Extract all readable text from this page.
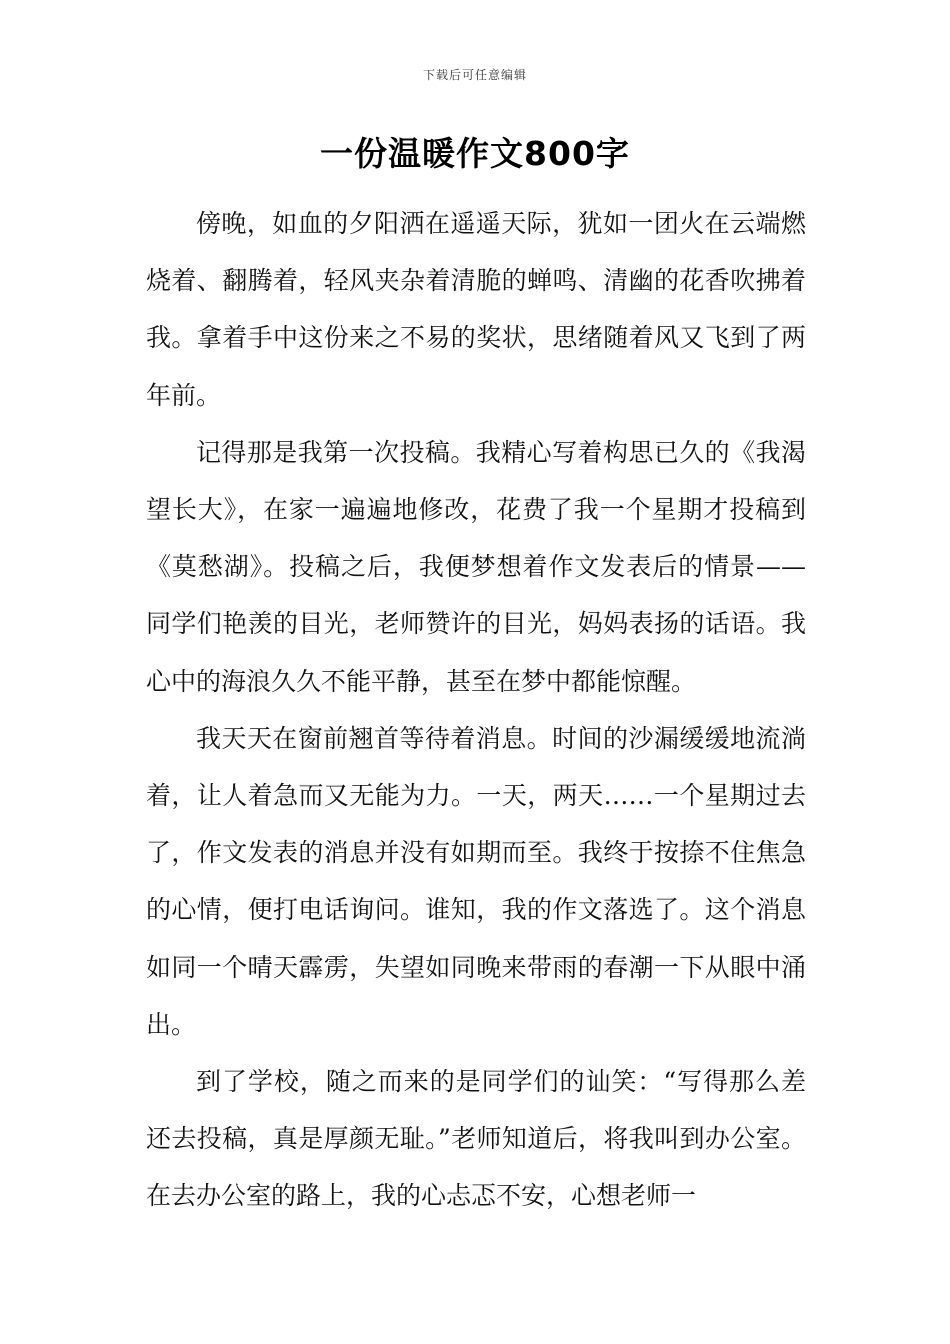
下载后可任意编辑
一份温暖作文800字

傍晚，如血的夕阳洒在遥遥天际，犹如一团火在云端燃烧着、翻腾着，轻风夹杂着清脆的蝉鸣、清幽的花香吹拂着我。拿着手中这份来之不易的奖状，思绪随着风又飞到了两年前。

记得那是我第一次投稿。我精心写着构思已久的《我渴望长大》，在家一遍遍地修改，花费了我一个星期才投稿到《莫愁湖》。投稿之后，我便梦想着作文发表后的情景——同学们艳羡的目光，老师赞许的目光，妈妈表扬的话语。我心中的海浪久久不能平静，甚至在梦中都能惊醒。

我天天在窗前翘首等待着消息。时间的沙漏缓缓地流淌着，让人着急而又无能为力。一天，两天……一个星期过去了，作文发表的消息并没有如期而至。我终于按捺不住焦急的心情，便打电话询问。谁知，我的作文落选了。这个消息如同一个晴天霹雳，失望如同晚来带雨的春潮一下从眼中涌出。

到了学校，随之而来的是同学们的讪笑：“写得那么差还去投稿，真是厚颜无耻。”老师知道后，将我叫到办公室。在去办公室的路上，我的心忐忑不安，心想老师一
